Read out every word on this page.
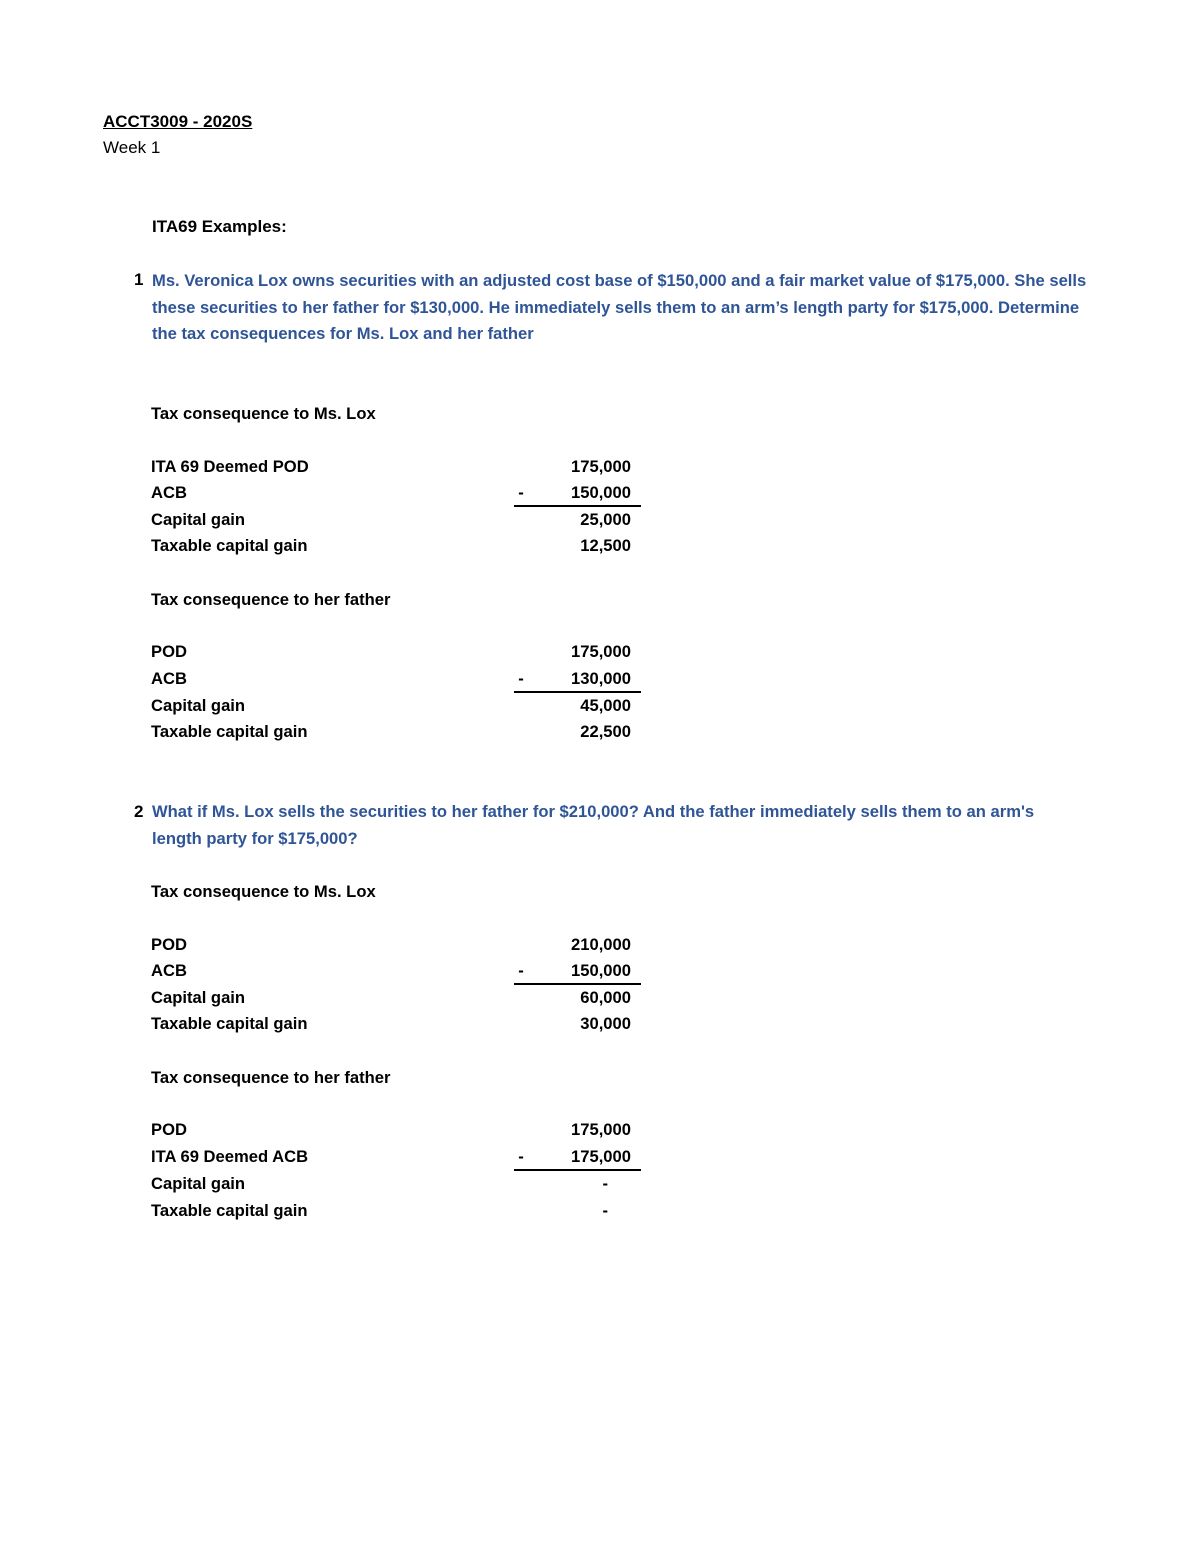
ACCT3009 - 2020S
Week 1
ITA69 Examples:
1 Ms. Veronica Lox owns securities with an adjusted cost base of $150,000 and a fair market value of $175,000. She sells these securities to her father for $130,000. He immediately sells them to an arm’s length party for $175,000. Determine the tax consequences for Ms. Lox and her father
Tax consequence to Ms. Lox
ITA 69 Deemed POD	175,000
ACB	-	150,000
Capital gain	25,000
Taxable capital gain	12,500
Tax consequence to her father
POD	175,000
ACB	-	130,000
Capital gain	45,000
Taxable capital gain	22,500
2 What if Ms. Lox sells the securities to her father for $210,000? And the father immediately sells them to an arm's length party for $175,000?
Tax consequence to Ms. Lox
POD	210,000
ACB	-	150,000
Capital gain	60,000
Taxable capital gain	30,000
Tax consequence to her father
POD	175,000
ITA 69 Deemed ACB	-	175,000
Capital gain	-
Taxable capital gain	-
